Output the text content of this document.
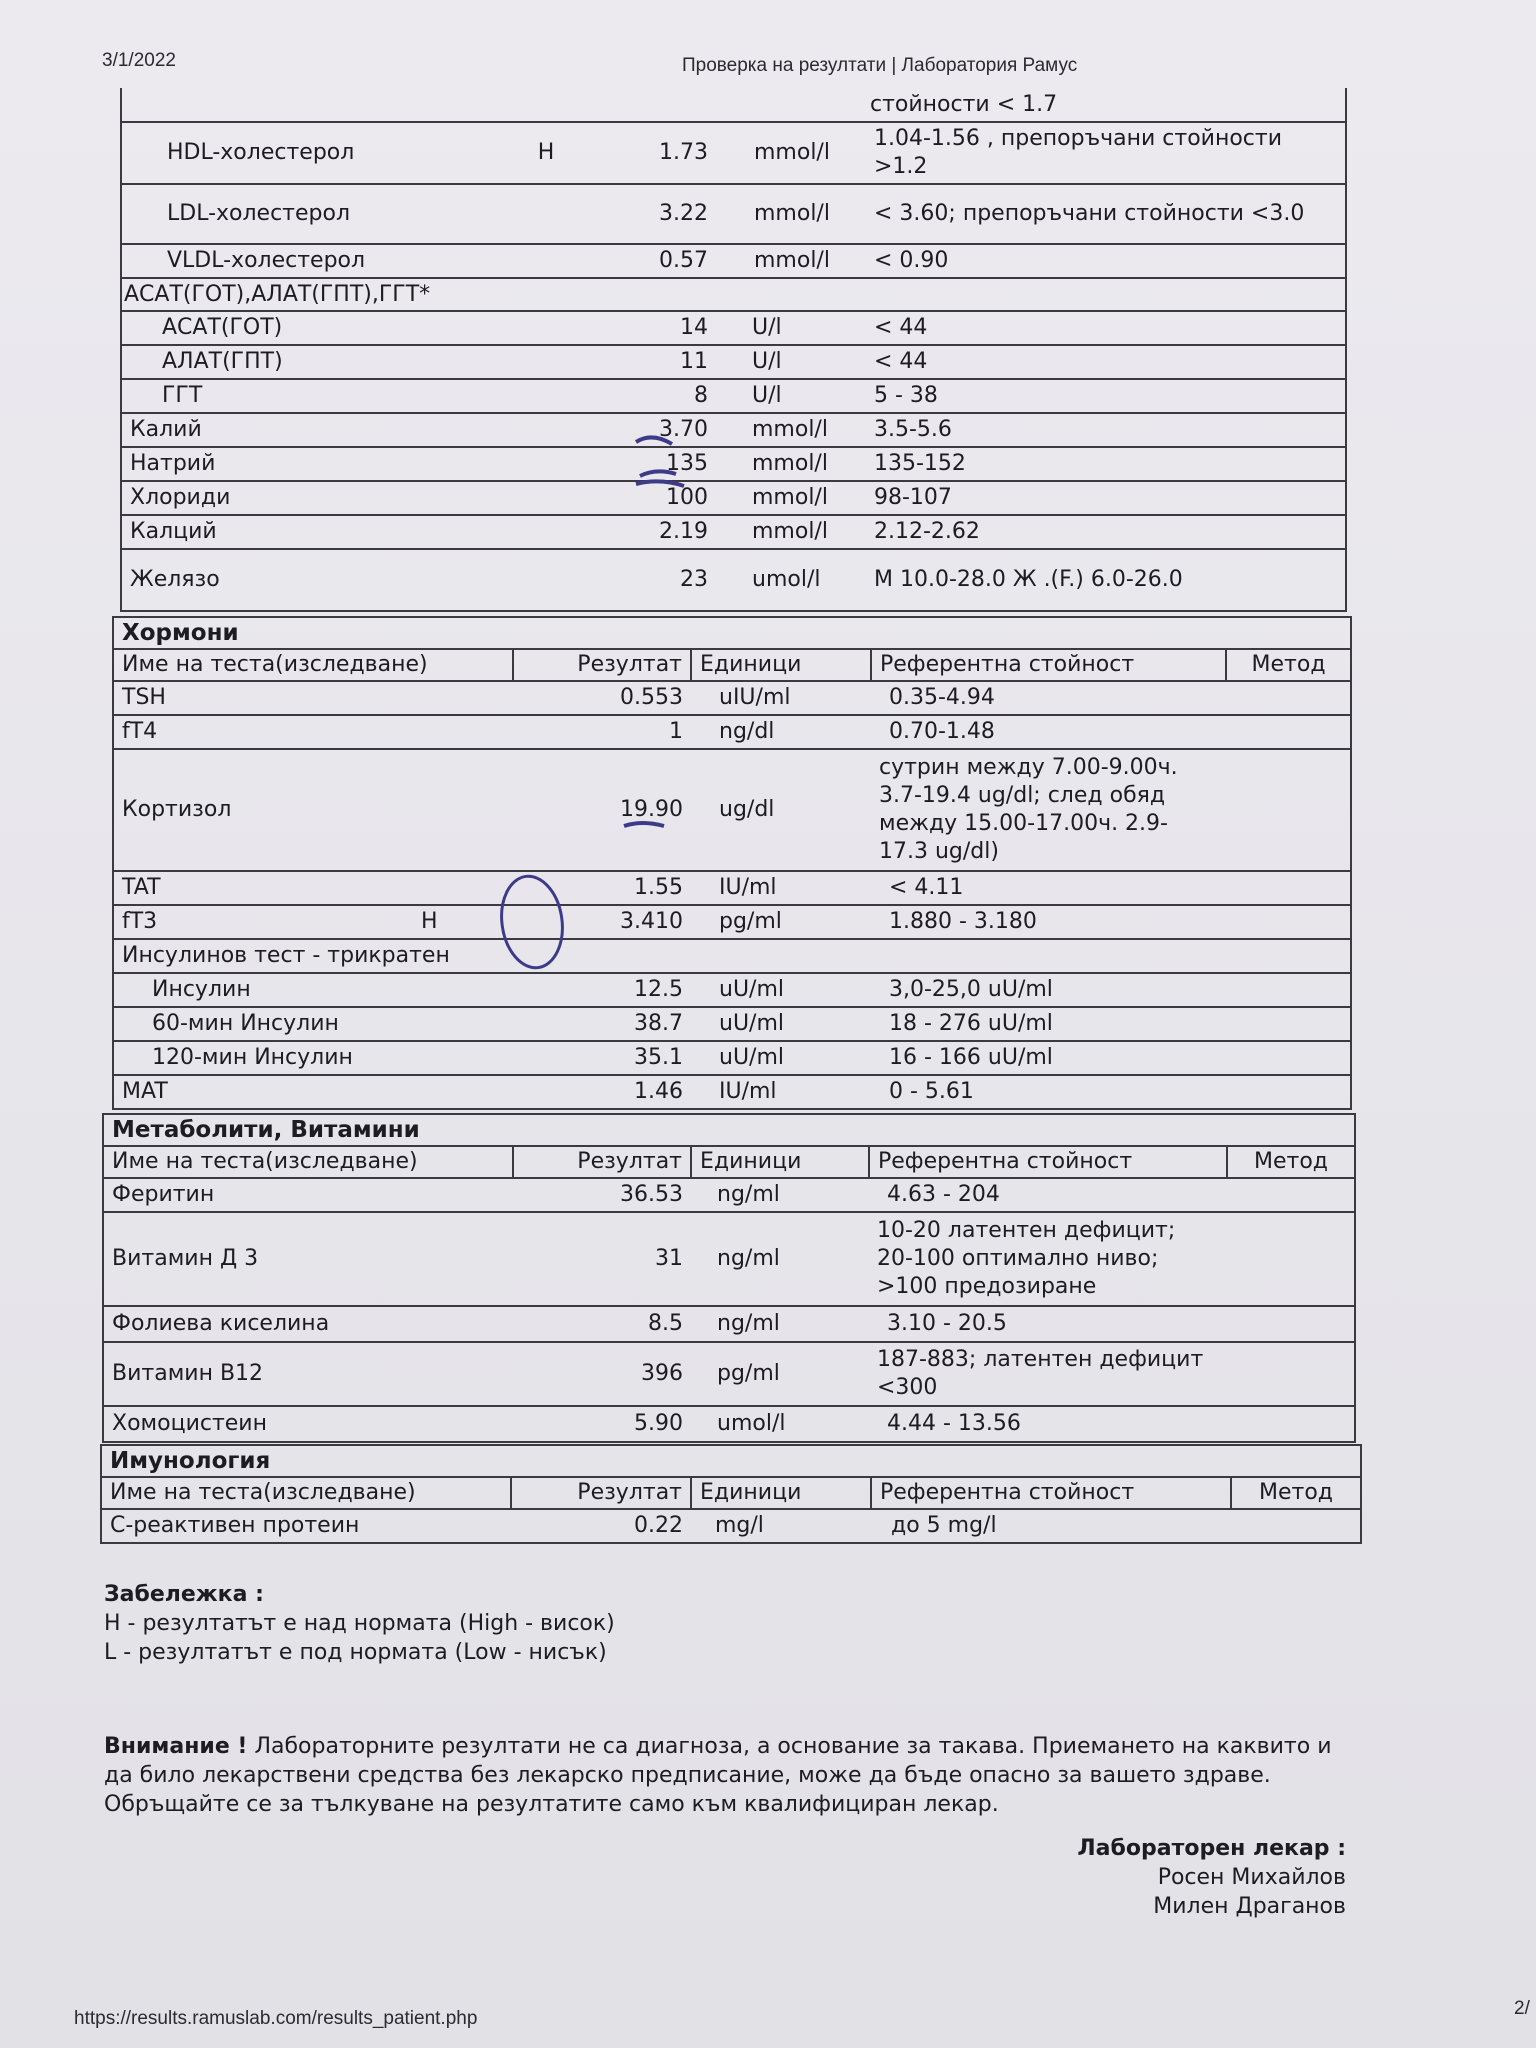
3/1/2022	Проверка на резултати | Лаборатория Рамус
				стойности < 1.7
HDL-холестерол	H	1.73	mmol/l	1.04-1.56 , препоръчани стойности >1.2
LDL-холестерол		3.22	mmol/l	< 3.60; препоръчани стойности <3.0
VLDL-холестерол		0.57	mmol/l	< 0.90
АСАТ(ГОТ),АЛАТ(ГПТ),ГГТ*				
АСАТ(ГОТ)		14	U/l	< 44
АЛАТ(ГПТ)		11	U/l	< 44
ГГТ		8	U/l	5 - 38
Калий		3.70	mmol/l	3.5-5.6
Натрий		135	mmol/l	135-152
Хлориди		100	mmol/l	98-107
Калций		2.19	mmol/l	2.12-2.62
Желязо		23	umol/l	М 10.0-28.0 Ж .(F.) 6.0-26.0
Хормони					
Име на теста(изследване)		Резултат	Единици	Референтна стойност	Метод
TSH		0.553	uIU/ml	0.35-4.94	
fT4		1	ng/dl	0.70-1.48	
Кортизол		19.90	ug/dl	сутрин между 7.00-9.00ч. 3.7-19.4 ug/dl; след обяд между 15.00-17.00ч. 2.9-17.3 ug/dl)	
TAT		1.55	IU/ml	< 4.11	
fT3	H	3.410	pg/ml	1.880 - 3.180	
Инсулинов тест - трикратен					
Инсулин		12.5	uU/ml	3,0-25,0 uU/ml	
60-мин Инсулин		38.7	uU/ml	18 - 276 uU/ml	
120-мин Инсулин		35.1	uU/ml	16 - 166 uU/ml	
MAT		1.46	IU/ml	0 - 5.61	
Метаболити, Витамини				
Име на теста(изследване)	Резултат	Единици	Референтна стойност	Метод
Феритин	36.53	ng/ml	4.63 - 204	
Витамин Д 3	31	ng/ml	10-20 латентен дефицит; 20-100 оптимално ниво; >100 предозиране	
Фолиева киселина	8.5	ng/ml	3.10 - 20.5	
Витамин B12	396	pg/ml	187-883; латентен дефицит <300	
Хомоцистеин	5.90	umol/l	4.44 - 13.56	
Имунология				
Име на теста(изследване)	Резултат	Единици	Референтна стойност	Метод
C-реактивен протеин	0.22	mg/l	до 5 mg/l	
Забележка :
H - резултатът е над нормата (High - висок)
L - резултатът е под нормата (Low - нисък)
Внимание ! Лабораторните резултати не са диагноза, а основание за такава. Приемането на каквито и да било лекарствени средства без лекарско предписание, може да бъде опасно за вашето здраве. Обръщайте се за тълкуване на резултатите само към квалифициран лекар.
Лабораторен лекар :
Росен Михайлов
Милен Драганов
https://results.ramuslab.com/results_patient.php	2/
